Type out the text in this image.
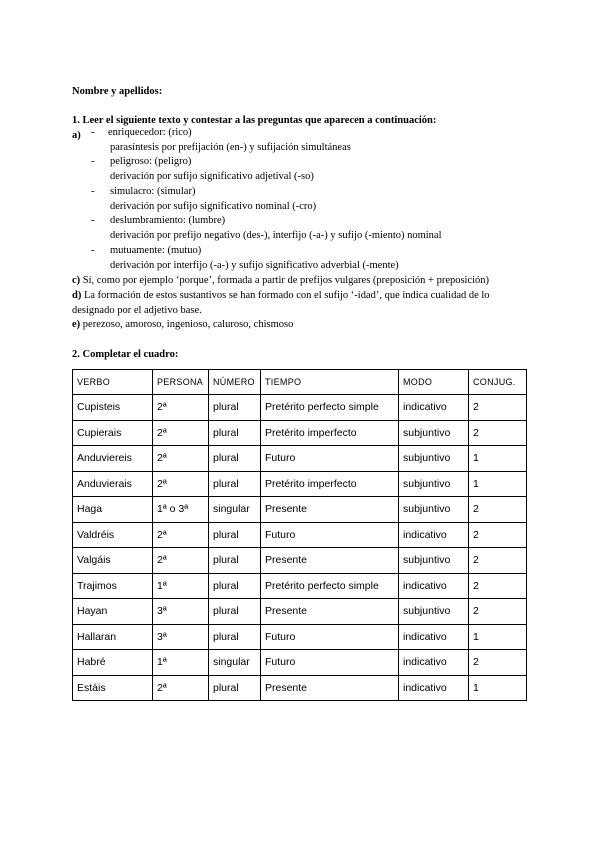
Nombre y apellidos:
1. Leer el siguiente texto y contestar a las preguntas que aparecen a continuación:
a) - enriquecedor: (rico)
parasíntesis por prefijación (en-) y sufijación simultáneas
- peligroso: (peligro)
derivación por sufijo significativo adjetival (-so)
- simulacro: (simular)
derivación por sufijo significativo nominal (-cro)
- deslumbramiento: (lumbre)
derivación por prefijo negativo (des-), interfijo (-a-) y sufijo (-miento) nominal
- mutuamente: (mutuo)
derivación por interfijo (-a-) y sufijo significativo adverbial (-mente)
c) Sí, como por ejemplo ‘porque’, formada a partir de prefijos vulgares (preposición + preposición)
d) La formación de estos sustantivos se han formado con el sufijo ‘-idad’, que indica cualidad de lo
designado por el adjetivo base.
e) perezoso, amoroso, ingenioso, caluroso, chismoso
2. Completar el cuadro:
VERBO	PERSONA	NÚMERO	TIEMPO	MODO	CONJUG.
Cupisteis	2ª	plural	Pretérito perfecto simple	indicativo	2
Cupierais	2ª	plural	Pretérito imperfecto	subjuntivo	2
Anduviereis	2ª	plural	Futuro	subjuntivo	1
Anduvierais	2ª	plural	Pretérito imperfecto	subjuntivo	1
Haga	1ª o 3ª	singular	Presente	subjuntivo	2
Valdréis	2ª	plural	Futuro	indicativo	2
Valgáis	2ª	plural	Presente	subjuntivo	2
Trajimos	1ª	plural	Pretérito perfecto simple	indicativo	2
Hayan	3ª	plural	Presente	subjuntivo	2
Hallaran	3ª	plural	Futuro	indicativo	1
Habré	1ª	singular	Futuro	indicativo	2
Estáis	2ª	plural	Presente	indicativo	1
